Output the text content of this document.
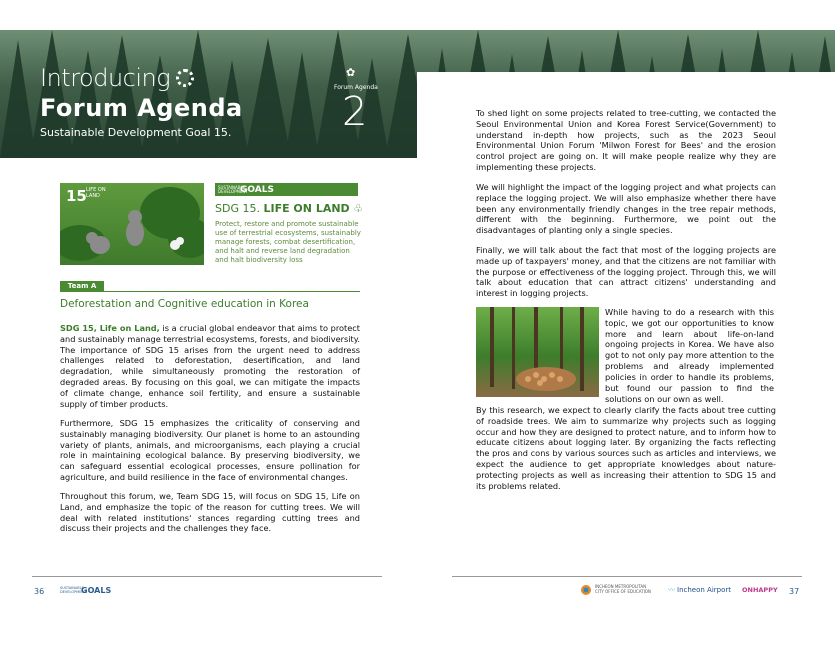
Introducing
Forum Agenda
Sustainable Development Goal 15.
✿
Forum Agenda
2
15 LIFE ON LAND
SUSTAINABLE DEVELOPMENT
GOALS
SDG 15. LIFE ON LAND ♧
Protect, restore and promote sustainable use of terrestrial ecosystems, sustainably manage forests, combat desertification, and halt and reverse land degradation and halt biodiversity loss
Team A
Deforestation and Cognitive education in Korea
SDG 15, Life on Land, is a crucial global endeavor that aims to protect and sustainably manage terrestrial ecosystems, forests, and biodiversity. The importance of SDG 15 arises from the urgent need to address challenges related to deforestation, desertification, and land degradation, while simultaneously promoting the restoration of degraded areas. By focusing on this goal, we can mitigate the impacts of climate change, enhance soil fertility, and ensure a sustainable supply of timber products.
Furthermore, SDG 15 emphasizes the criticality of conserving and sustainably managing biodiversity. Our planet is home to an astounding variety of plants, animals, and microorganisms, each playing a crucial role in maintaining ecological balance. By preserving biodiversity, we can safeguard essential ecological processes, ensure pollination for agriculture, and build resilience in the face of environmental changes.
Throughout this forum, we, Team SDG 15, will focus on SDG 15, Life on Land, and emphasize the topic of the reason for cutting trees. We will deal with related institutions' stances regarding cutting trees and discuss their projects and the challenges they face.
To shed light on some projects related to tree-cutting, we contacted the Seoul Environmental Union and Korea Forest Service(Government) to understand in-depth how projects, such as the 2023 Seoul Environmental Union Forum 'Milwon Forest for Bees' and the erosion control project are going on. It will make people realize why they are implementing these projects.
We will highlight the impact of the logging project and what projects can replace the logging project. We will also emphasize whether there have been any environmentally friendly changes in the tree repair methods, different with the beginning. Furthermore, we point out the disadvantages of planting only a single species.
Finally, we will talk about the fact that most of the logging projects are made up of taxpayers' money, and that the citizens are not familiar with the purpose or effectiveness of the logging project. Through this, we will talk about education that can attract citizens' understanding and interest in logging projects.
While having to do a research with this topic, we got our opportunities to know more and learn about life-on-land ongoing projects in Korea. We have also got to not only pay more attention to the problems and already implemented policies in order to handle its problems, but found our passion to find the solutions on our own as well.
By this research, we expect to clearly clarify the facts about tree cutting of roadside trees. We aim to summarize why projects such as logging occur and how they are designed to protect nature, and to inform how to educate citizens about logging later. By organizing the facts reflecting the pros and cons by various sources such as articles and interviews, we expect the audience to get appropriate knowledges about nature-protecting projects as well as increasing their attention to SDG 15 and its problems related.
36	SUSTAINABLE DEVELOPMENT
GOALS	INCHEON METROPOLITAN CITY OFFICE OF EDUCATION	〰 Incheon Airport ONHAPPY 37
